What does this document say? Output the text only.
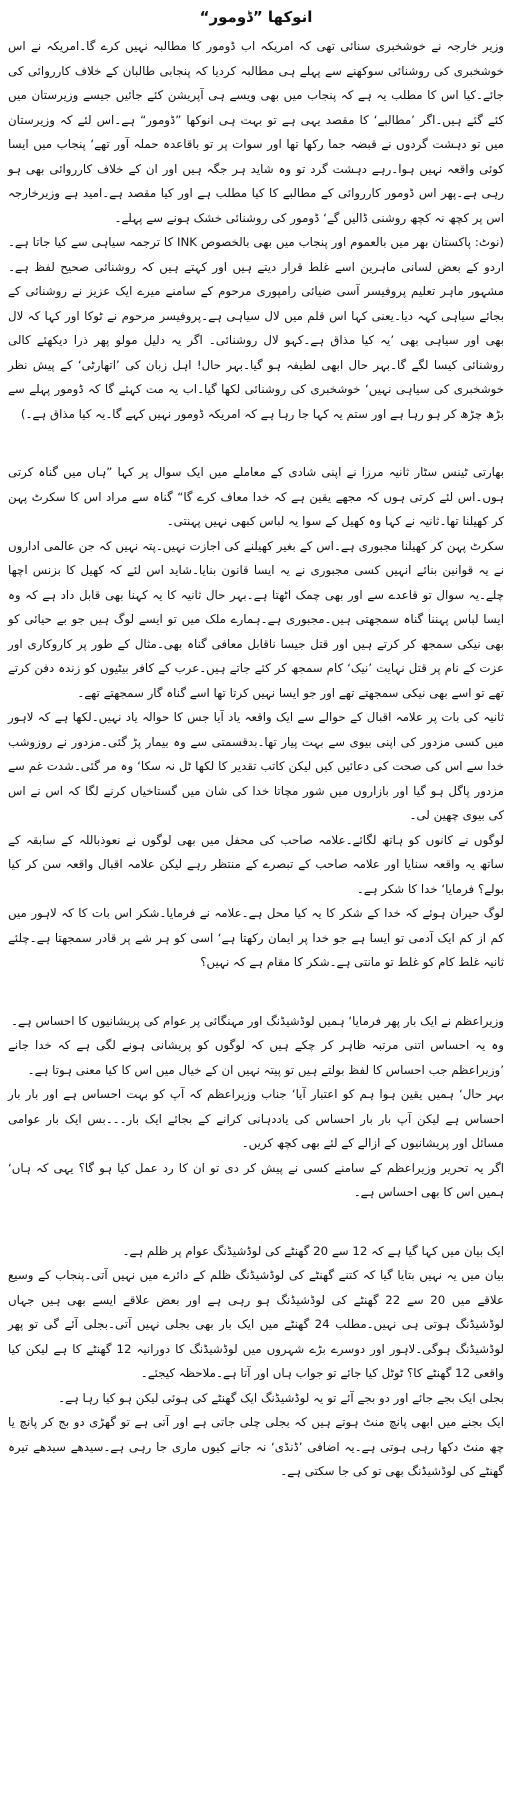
انوکھا ”ڈومور“

وزیر خارجہ نے خوشخبری سنائی تھی کہ امریکہ اب ڈومور کا مطالبہ نہیں کرے گا۔امریکہ نے اس خوشخبری کی روشنائی سوکھنے سے پہلے ہی مطالبہ کردیا کہ پنجابی طالبان کے خلاف کارروائی کی جائے۔کیا اس کا مطلب یہ ہے کہ پنجاب میں بھی ویسے ہی آپریشن کئے جائیں جیسے وزیرستان میں کئے گئے ہیں۔اگر ’مطالبے‘ کا مقصد یہی ہے تو بہت ہی انوکھا ”ڈومور“ ہے۔اس لئے کہ وزیرستان میں تو دہشت گردوں نے قبضہ جما رکھا تھا اور سوات پر تو باقاعدہ حملہ آور تھے‘ پنجاب میں ایسا کوئی واقعہ نہیں ہوا۔رہے دہشت گرد تو وہ شاید ہر جگہ ہیں اور ان کے خلاف کارروائی بھی ہو رہی ہے۔پھر اس ڈومور کارروائی کے مطالبے کا کیا مطلب ہے اور کیا مقصد ہے۔امید ہے وزیرخارجہ اس پر کچھ نہ کچھ روشنی ڈالیں گے‘ ڈومور کی روشنائی خشک ہونے سے پہلے۔

(نوٹ: پاکستان بھر میں بالعموم اور پنجاب میں بھی بالخصوص INK کا ترجمہ سیاہی سے کیا جاتا ہے۔اردو کے بعض لسانی ماہرین اسے غلط قرار دیتے ہیں اور کہتے ہیں کہ روشنائی صحیح لفظ ہے۔مشہور ماہر تعلیم پروفیسر آسی ضیائی رامپوری مرحوم کے سامنے میرے ایک عزیز نے روشنائی کے بجائے سیاہی کہہ دیا۔یعنی کہا اس قلم میں لال سیاہی ہے۔پروفیسر مرحوم نے ٹوکا اور کہا کہ لال بھی اور سیاہی بھی ’یہ کیا مذاق ہے۔کہو لال روشنائی۔ اگر یہ دلیل مولو پھر ذرا دیکھئے کالی روشنائی کیسا لگے گا۔بہر حال ابھی لطیفہ ہو گیا۔بہر حال! اہل زبان کی ’اتھارٹی‘ کے پیش نظر خوشخبری کی سیاہی نہیں‘ خوشخبری کی روشنائی لکھا گیا۔اب یہ مت کہئے گا کہ ڈومور پہلے سے بڑھ چڑھ کر ہو رہا ہے اور ستم یہ کہا جا رہا ہے کہ امریکہ ڈومور نہیں کہے گا۔یہ کیا مذاق ہے۔)

بھارتی ٹینس سٹار ثانیہ مرزا نے اپنی شادی کے معاملے میں ایک سوال پر کہا ”ہاں میں گناہ کرتی ہوں۔اس لئے کرتی ہوں کہ مجھے یقین ہے کہ خدا معاف کرے گا“ گناہ سے مراد اس کا سکرٹ پہن کر کھیلنا تھا۔ثانیہ نے کہا وہ کھیل کے سوا یہ لباس کبھی نہیں پہنتی۔

سکرٹ پہن کر کھیلنا مجبوری ہے۔اس کے بغیر کھیلنے کی اجازت نہیں۔پتہ نہیں کہ جن عالمی اداروں نے یہ قوانین بنائے انہیں کسی مجبوری نے یہ ایسا قانون بنایا۔شاید اس لئے کہ کھیل کا بزنس اچھا چلے۔یہ سوال تو قاعدے سے اور بھی چمک اٹھتا ہے۔بہر حال ثانیہ کا یہ کہنا بھی قابل داد ہے کہ وہ ایسا لباس پہننا گناہ سمجھتی ہیں۔مجبوری ہے۔ہمارے ملک میں تو ایسے لوگ ہیں جو بے حیائی کو بھی نیکی سمجھ کر کرتے ہیں اور قتل جیسا ناقابل معافی گناہ بھی۔مثال کے طور پر کاروکاری اور عزت کے نام پر قتل نہایت ’نیک‘ کام سمجھ کر کئے جاتے ہیں۔عرب کے کافر بیٹیوں کو زندہ دفن کرتے تھے تو اسے بھی نیکی سمجھتے تھے اور جو ایسا نہیں کرتا تھا اسے گناہ گار سمجھتے تھے۔

ثانیہ کی بات پر علامہ اقبال کے حوالے سے ایک واقعہ یاد آیا جس کا حوالہ یاد نہیں۔لکھا ہے کہ لاہور میں کسی مزدور کی اپنی بیوی سے بہت پیار تھا۔بدقسمتی سے وہ بیمار پڑ گئی۔مزدور نے روزوشب خدا سے اس کی صحت کی دعائیں کیں لیکن کاتب تقدیر کا لکھا ٹل نہ سکا‘ وہ مر گئی۔شدت غم سے مزدور پاگل ہو گیا اور بازاروں میں شور مچاتا خدا کی شان میں گستاخیاں کرنے لگا کہ اس نے اس کی بیوی چھین لی۔

لوگوں نے کانوں کو ہاتھ لگائے۔علامہ صاحب کی محفل میں بھی لوگوں نے نعوذباللہ کے سابقہ کے ساتھ یہ واقعہ سنایا اور علامہ صاحب کے تبصرے کے منتظر رہے لیکن علامہ اقبال واقعہ سن کر کیا بولے؟ فرمایا‘ خدا کا شکر ہے۔

لوگ حیران ہوئے کہ خدا کے شکر کا یہ کیا محل ہے۔علامہ نے فرمایا۔شکر اس بات کا کہ لاہور میں کم از کم ایک آدمی تو ایسا ہے جو خدا پر ایمان رکھتا ہے‘ اسی کو ہر شے پر قادر سمجھتا ہے۔چلئے ثانیہ غلط کام کو غلط تو مانتی ہے۔شکر کا مقام ہے کہ نہیں؟

وزیراعظم نے ایک بار پھر فرمایا‘ ہمیں لوڈشیڈنگ اور مہنگائی پر عوام کی پریشانیوں کا احساس ہے۔

وہ یہ احساس اتنی مرتبہ ظاہر کر چکے ہیں کہ لوگوں کو پریشانی ہونے لگی ہے کہ خدا جانے ’وزیراعظم جب احساس کا لفظ بولتے ہیں تو پیتہ نہیں ان کے خیال میں اس کا کیا معنی ہوتا ہے۔

بہر حال‘ ہمیں یقین ہوا ہم کو اعتبار آیا‘ جناب وزیراعظم کہ آپ کو بہت احساس ہے اور بار بار احساس ہے لیکن آپ بار بار احساس کی یاددہانی کرانے کے بجائے ایک بار۔۔۔بس ایک بار عوامی مسائل اور پریشانیوں کے ازالے کے لئے بھی کچھ کریں۔

اگر یہ تحریر وزیراعظم کے سامنے کسی نے پیش کر دی تو ان کا رد عمل کیا ہو گا؟ یہی کہ ہاں‘ ہمیں اس کا بھی احساس ہے۔

ایک بیان میں کہا گیا ہے کہ 12 سے 20 گھنٹے کی لوڈشیڈنگ عوام پر ظلم ہے۔

بیان میں یہ نہیں بتایا گیا کہ کتنے گھنٹے کی لوڈشیڈنگ ظلم کے دائرے میں نہیں آتی۔پنجاب کے وسیع علاقے میں 20 سے 22 گھنٹے کی لوڈشیڈنگ ہو رہی ہے اور بعض علاقے ایسے بھی ہیں جہاں لوڈشیڈنگ ہوتی ہی نہیں۔مطلب 24 گھنٹے میں ایک بار بھی بجلی نہیں آتی۔بجلی آئے گی تو پھر لوڈشیڈنگ ہوگی۔لاہور اور دوسرے بڑے شہروں میں لوڈشیڈنگ کا دورانیہ 12 گھنٹے کا ہے لیکن کیا واقعی 12 گھنٹے کا؟ ٹوٹل کیا جائے تو جواب ہاں اور آتا ہے۔ملاحظہ کیجئے۔

بجلی ایک بجے جائے اور دو بجے آئے تو یہ لوڈشیڈنگ ایک گھنٹے کی ہوئی لیکن ہو کیا رہا ہے۔

ایک بجنے میں ابھی پانچ منٹ ہوتے ہیں کہ بجلی چلی جاتی ہے اور آتی ہے تو گھڑی دو بج کر پانچ یا چھ منٹ دکھا رہی ہوتی ہے۔یہ اضافی ’ڈنڈی‘ نہ جانے کیوں ماری جا رہی ہے۔سیدھے سیدھے تیرہ گھنٹے کی لوڈشیڈنگ بھی تو کی جا سکتی ہے۔
